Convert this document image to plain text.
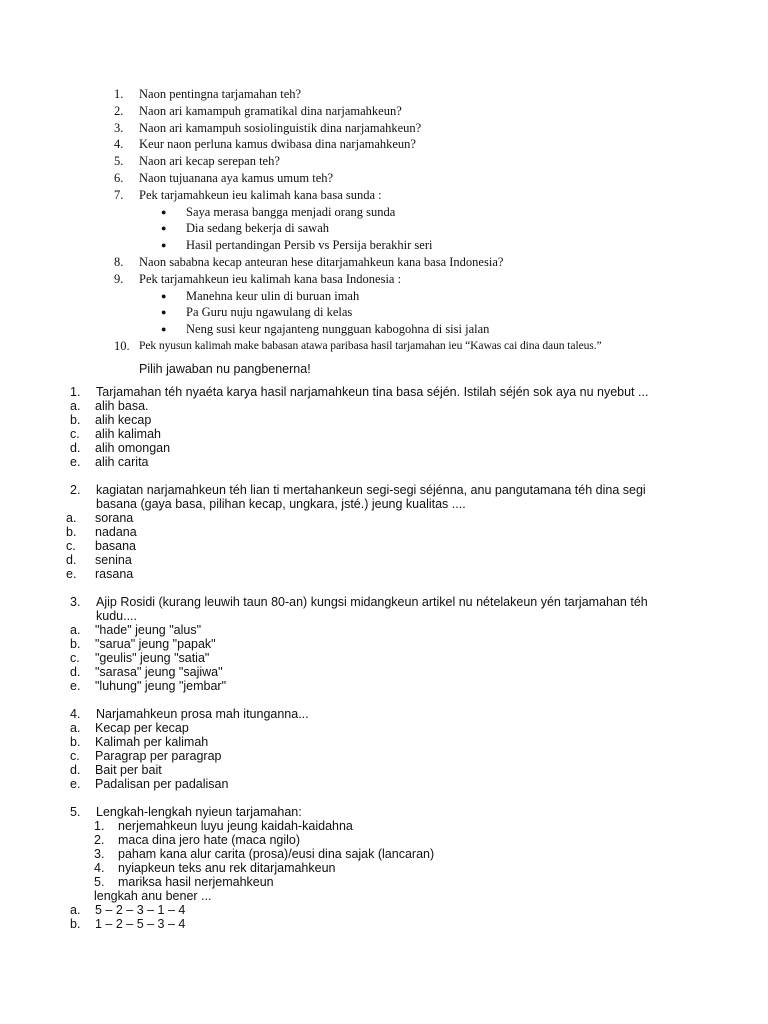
1.	Naon pentingna tarjamahan teh?
2.	Naon ari kamampuh gramatikal dina narjamahkeun?
3.	Naon ari kamampuh sosiolinguistik dina narjamahkeun?
4.	Keur naon perluna kamus dwibasa dina narjamahkeun?
5.	Naon ari kecap serepan teh?
6.	Naon tujuanana aya kamus umum teh?
7.	Pek tarjamahkeun ieu kalimah kana basa sunda :
● Saya merasa bangga menjadi orang sunda
● Dia sedang bekerja di sawah
● Hasil pertandingan Persib vs Persija berakhir seri
8.	Naon sababna kecap anteuran hese ditarjamahkeun kana basa Indonesia?
9.	Pek tarjamahkeun ieu kalimah kana basa Indonesia :
● Manehna keur ulin di buruan imah
● Pa Guru nuju ngawulang di kelas
● Neng susi keur ngajanteng nungguan kabogohna di sisi jalan
10. Pek nyusun kalimah make babasan atawa paribasa hasil tarjamahan ieu “Kawas cai dina daun taleus.”
Pilih jawaban nu pangbenerna!
1. Tarjamahan téh nyaéta karya hasil narjamahkeun tina basa séjén. Istilah séjén sok aya nu nyebut ...
a. alih basa.
b. alih kecap
c. alih kalimah
d. alih omongan
e. alih carita
2. kagiatan narjamahkeun téh lian ti mertahankeun segi-segi séjénna, anu pangutamana téh dina segi basana (gaya basa, pilihan kecap, ungkara, jsté.) jeung kualitas ....
a. sorana
b. nadana
c. basana
d. senina
e. rasana
3. Ajip Rosidi (kurang leuwih taun 80-an) kungsi midangkeun artikel nu nételakeun yén tarjamahan téh kudu....
a. "hade" jeung "alus"
b. "sarua" jeung "papak"
c. "geulis" jeung "satia"
d. "sarasa" jeung "sajiwa"
e. "luhung" jeung "jembar"
4. Narjamahkeun prosa mah itunganna...
a. Kecap per kecap
b. Kalimah per kalimah
c. Paragrap per paragrap
d. Bait per bait
e. Padalisan per padalisan
5. Lengkah-lengkah nyieun tarjamahan:
1. nerjemahkeun luyu jeung kaidah-kaidahna
2. maca dina jero hate (maca ngilo)
3. paham kana alur carita (prosa)/eusi dina sajak (lancaran)
4. nyiapkeun teks anu rek ditarjamahkeun
5. mariksa hasil nerjemahkeun
lengkah anu bener ...
a. 5 – 2 – 3 – 1 – 4
b. 1 – 2 – 5 – 3 – 4
